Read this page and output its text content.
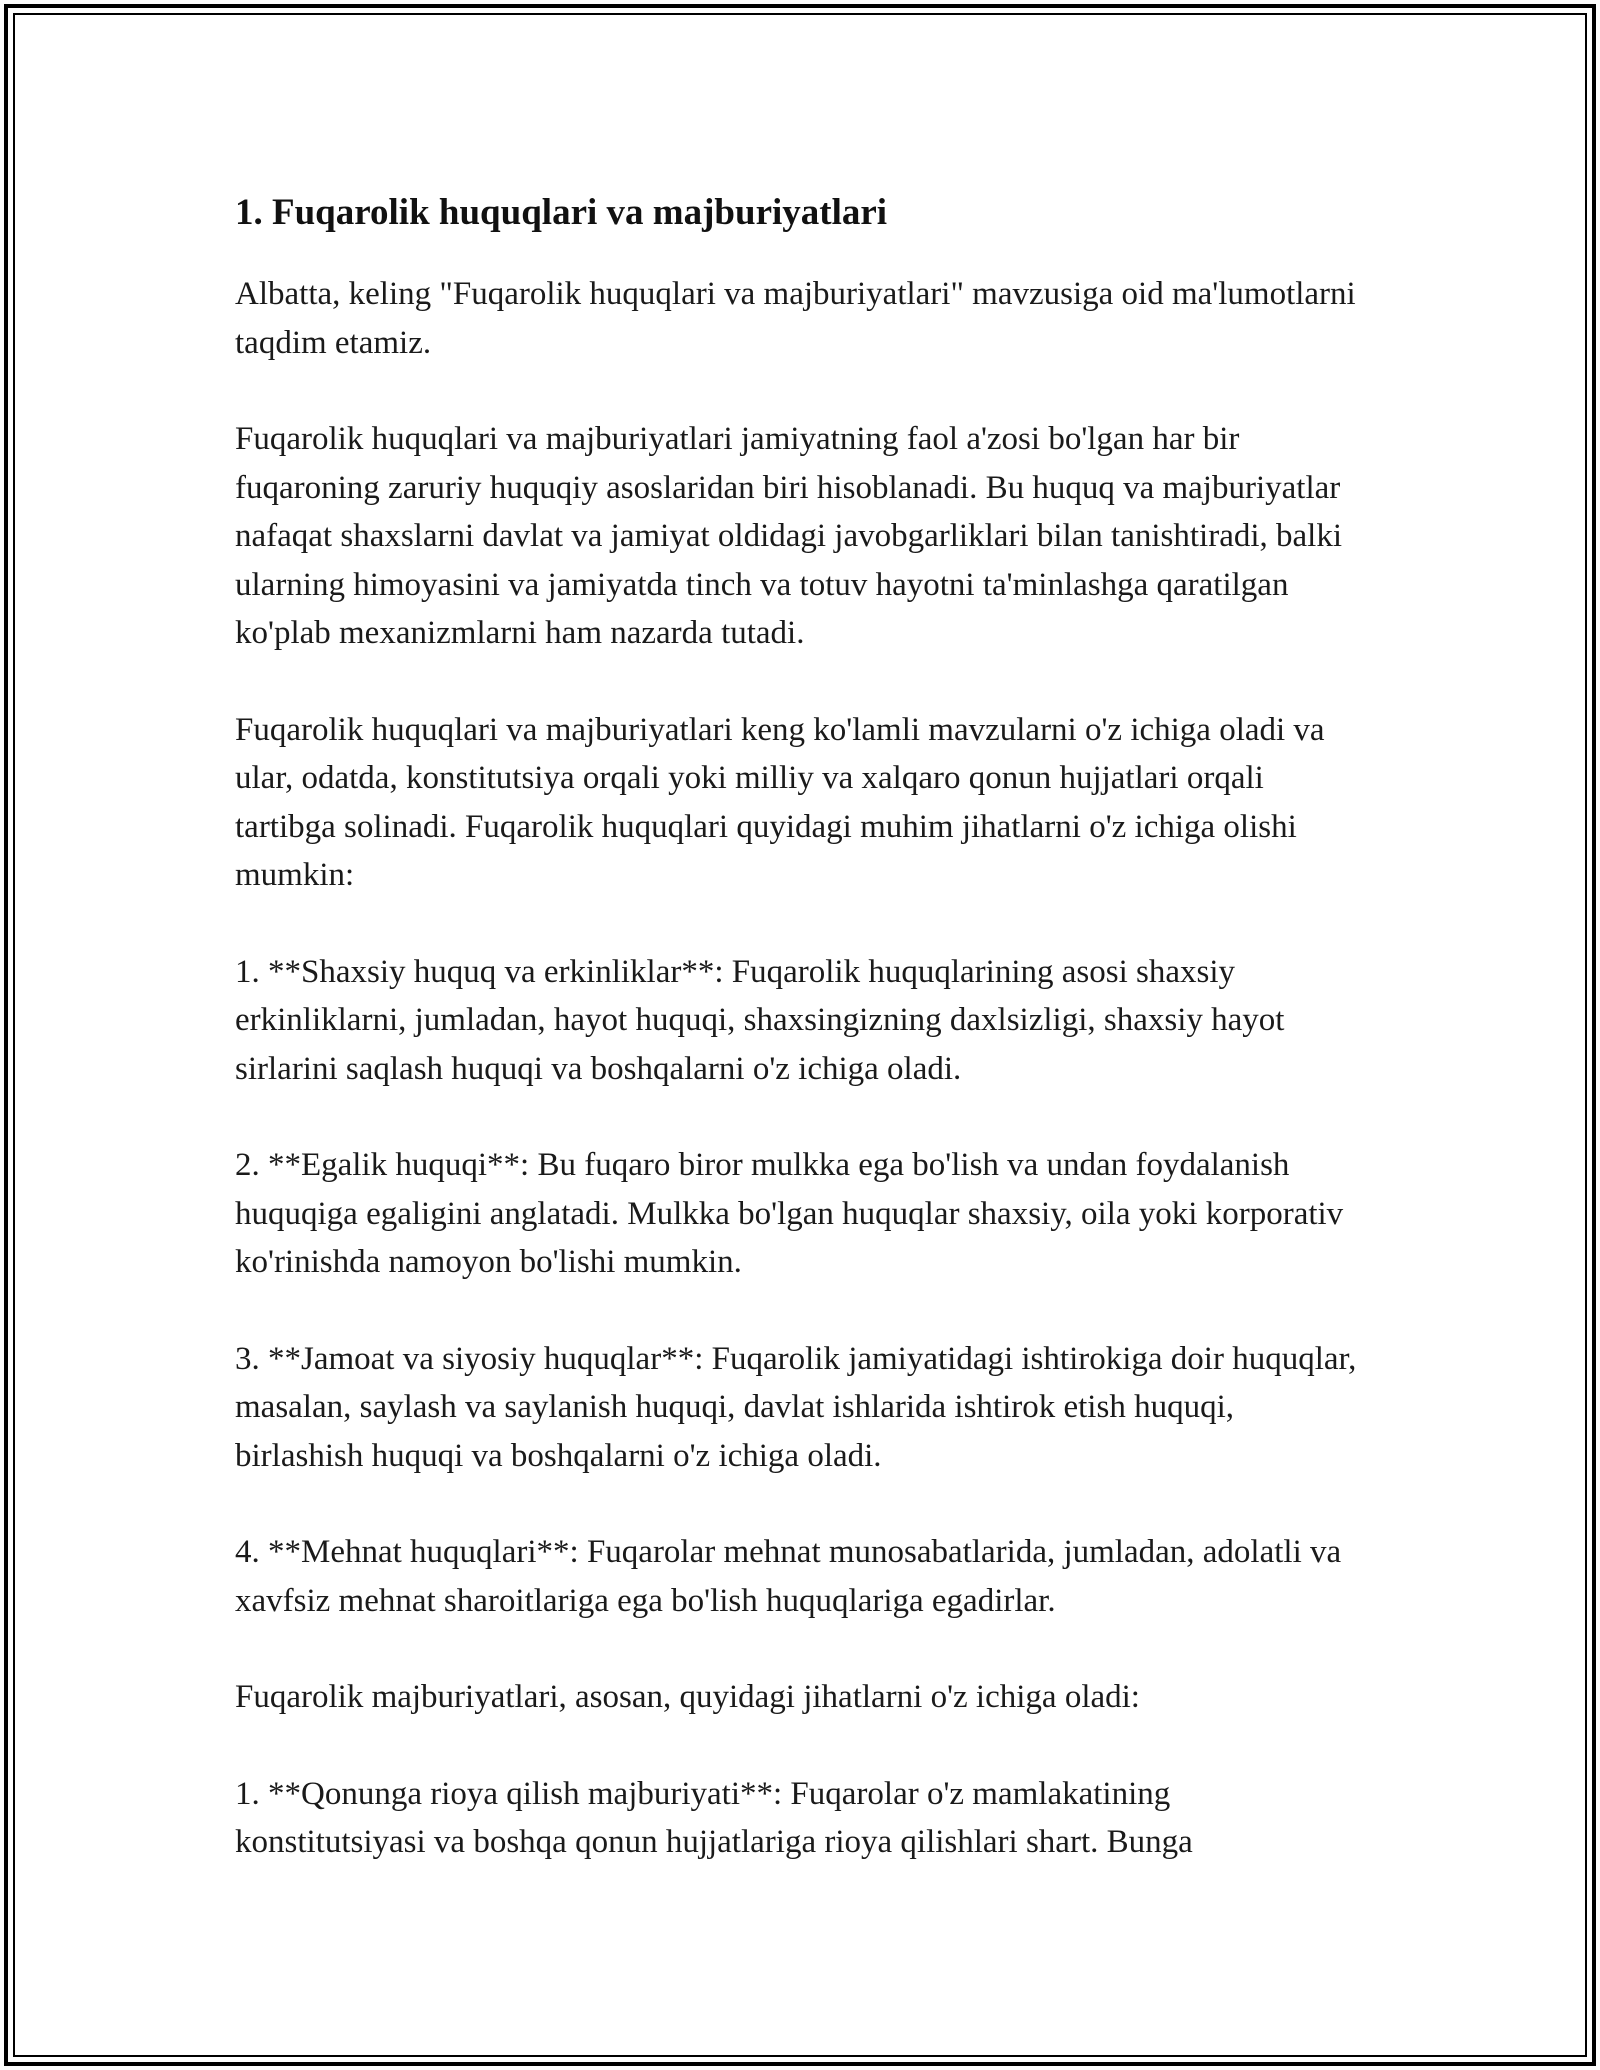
1. Fuqarolik huquqlari va majburiyatlari

Albatta, keling "Fuqarolik huquqlari va majburiyatlari" mavzusiga oid ma'lumotlarni taqdim etamiz.

Fuqarolik huquqlari va majburiyatlari jamiyatning faol a'zosi bo'lgan har bir fuqaroning zaruriy huquqiy asoslaridan biri hisoblanadi. Bu huquq va majburiyatlar nafaqat shaxslarni davlat va jamiyat oldidagi javobgarliklari bilan tanishtiradi, balki ularning himoyasini va jamiyatda tinch va totuv hayotni ta'minlashga qaratilgan ko'plab mexanizmlarni ham nazarda tutadi.

Fuqarolik huquqlari va majburiyatlari keng ko'lamli mavzularni o'z ichiga oladi va ular, odatda, konstitutsiya orqali yoki milliy va xalqaro qonun hujjatlari orqali tartibga solinadi. Fuqarolik huquqlari quyidagi muhim jihatlarni o'z ichiga olishi mumkin:

1. **Shaxsiy huquq va erkinliklar**: Fuqarolik huquqlarining asosi shaxsiy erkinliklarni, jumladan, hayot huquqi, shaxsingizning daxlsizligi, shaxsiy hayot sirlarini saqlash huquqi va boshqalarni o'z ichiga oladi.

2. **Egalik huquqi**: Bu fuqaro biror mulkka ega bo'lish va undan foydalanish huquqiga egaligini anglatadi. Mulkka bo'lgan huquqlar shaxsiy, oila yoki korporativ ko'rinishda namoyon bo'lishi mumkin.

3. **Jamoat va siyosiy huquqlar**: Fuqarolik jamiyatidagi ishtirokiga doir huquqlar, masalan, saylash va saylanish huquqi, davlat ishlarida ishtirok etish huquqi, birlashish huquqi va boshqalarni o'z ichiga oladi.

4. **Mehnat huquqlari**: Fuqarolar mehnat munosabatlarida, jumladan, adolatli va xavfsiz mehnat sharoitlariga ega bo'lish huquqlariga egadirlar.

Fuqarolik majburiyatlari, asosan, quyidagi jihatlarni o'z ichiga oladi:

1. **Qonunga rioya qilish majburiyati**: Fuqarolar o'z mamlakatining konstitutsiyasi va boshqa qonun hujjatlariga rioya qilishlari shart. Bunga
